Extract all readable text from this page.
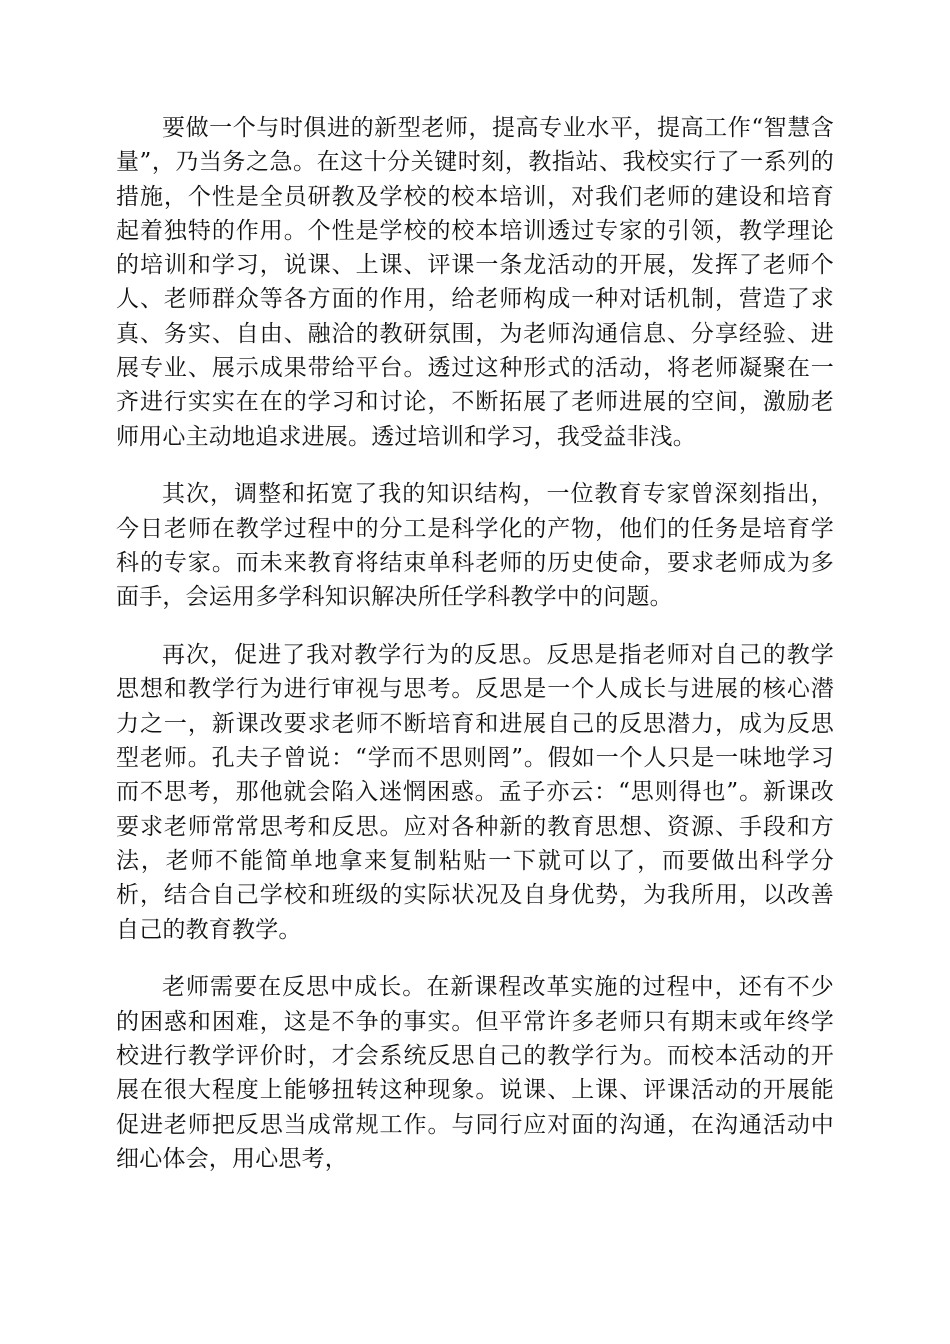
要做一个与时俱进的新型老师，提高专业水平，提高工作“智慧含量”，乃当务之急。在这十分关键时刻，教指站、我校实行了一系列的措施，个性是全员研教及学校的校本培训，对我们老师的建设和培育起着独特的作用。个性是学校的校本培训透过专家的引领，教学理论的培训和学习，说课、上课、评课一条龙活动的开展，发挥了老师个人、老师群众等各方面的作用，给老师构成一种对话机制，营造了求真、务实、自由、融洽的教研氛围，为老师沟通信息、分享经验、进展专业、展示成果带给平台。透过这种形式的活动，将老师凝聚在一齐进行实实在在的学习和讨论，不断拓展了老师进展的空间，激励老师用心主动地追求进展。透过培训和学习，我受益非浅。

其次，调整和拓宽了我的知识结构，一位教育专家曾深刻指出，今日老师在教学过程中的分工是科学化的产物，他们的任务是培育学科的专家。而未来教育将结束单科老师的历史使命，要求老师成为多面手，会运用多学科知识解决所任学科教学中的问题。

再次，促进了我对教学行为的反思。反思是指老师对自己的教学思想和教学行为进行审视与思考。反思是一个人成长与进展的核心潜力之一，新课改要求老师不断培育和进展自己的反思潜力，成为反思型老师。孔夫子曾说：“学而不思则罔”。假如一个人只是一味地学习而不思考，那他就会陷入迷惘困惑。孟子亦云：“思则得也”。新课改要求老师常常思考和反思。应对各种新的教育思想、资源、手段和方法，老师不能简单地拿来复制粘贴一下就可以了，而要做出科学分析，结合自己学校和班级的实际状况及自身优势，为我所用，以改善自己的教育教学。

老师需要在反思中成长。在新课程改革实施的过程中，还有不少的困惑和困难，这是不争的事实。但平常许多老师只有期末或年终学校进行教学评价时，才会系统反思自己的教学行为。而校本活动的开展在很大程度上能够扭转这种现象。说课、上课、评课活动的开展能促进老师把反思当成常规工作。与同行应对面的沟通，在沟通活动中细心体会，用心思考，
